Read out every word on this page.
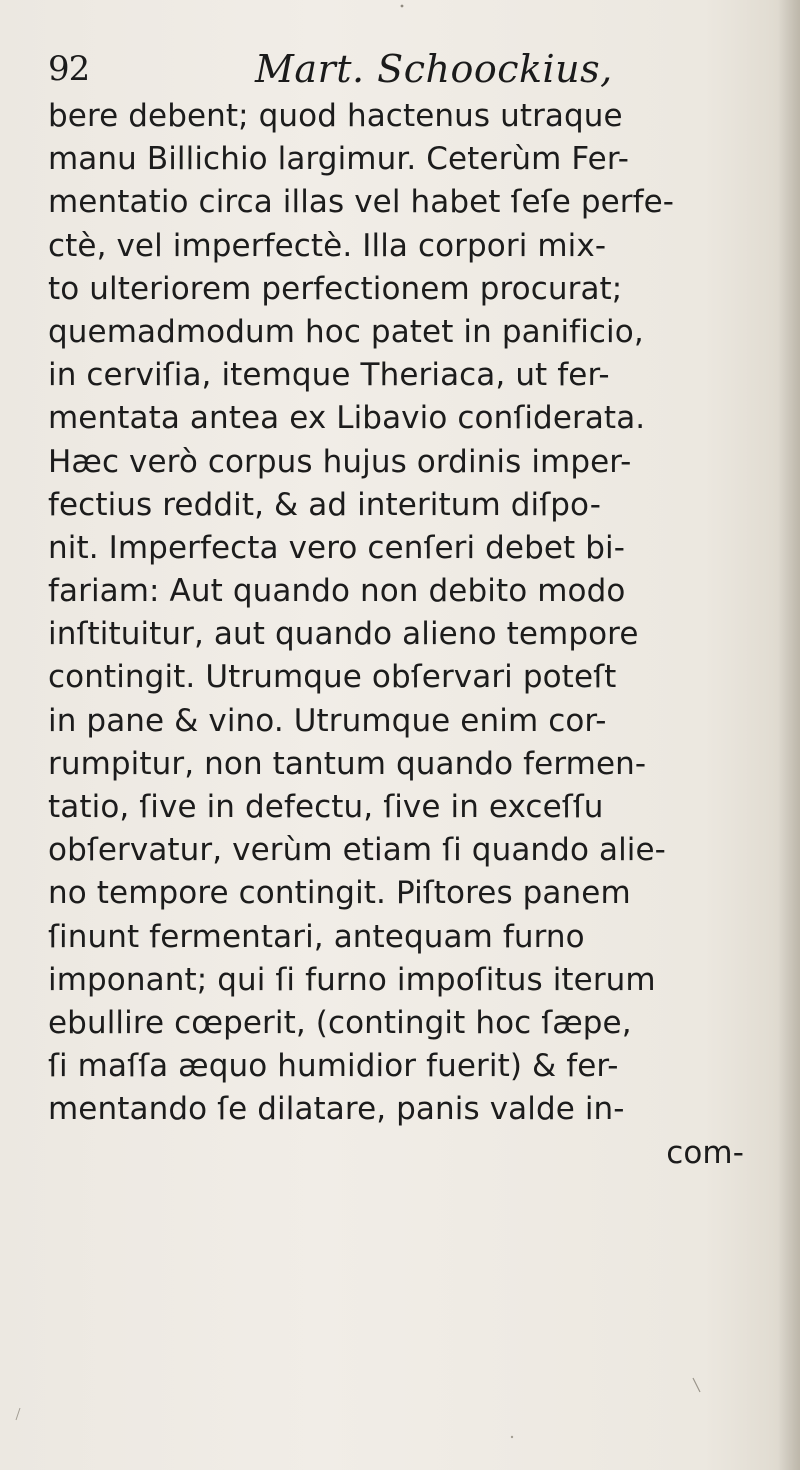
92	Mart. Schoockius,
bere debent; quod hactenus utraque
manu Billichio largimur. Ceterùm Fer-
mentatio circa illas vel habet ſeſe perfe-
ctè, vel imperfectè. Illa corpori mix-
to ulteriorem perfectionem procurat;
quemadmodum hoc patet in panificio,
in cerviſia, itemque Theriaca, ut fer-
mentata antea ex Libavio conſiderata.
Hæc verò corpus hujus ordinis imper-
fectius reddit, & ad interitum diſpo-
nit. Imperfecta vero cenſeri debet bi-
fariam: Aut quando non debito modo
inſtituitur, aut quando alieno tempore
contingit. Utrumque obſervari poteſt
in pane & vino. Utrumque enim cor-
rumpitur, non tantum quando fermen-
tatio, ſive in defectu, ſive in exceſſu
obſervatur, verùm etiam ſi quando alie-
no tempore contingit. Piſtores panem
ſinunt fermentari, antequam furno
imponant; qui ſi furno impoſitus iterum
ebullire cœperit, (contingit hoc ſæpe,
ſi maſſa æquo humidior fuerit) & fer-
mentando ſe dilatare, panis valde in-
com-
